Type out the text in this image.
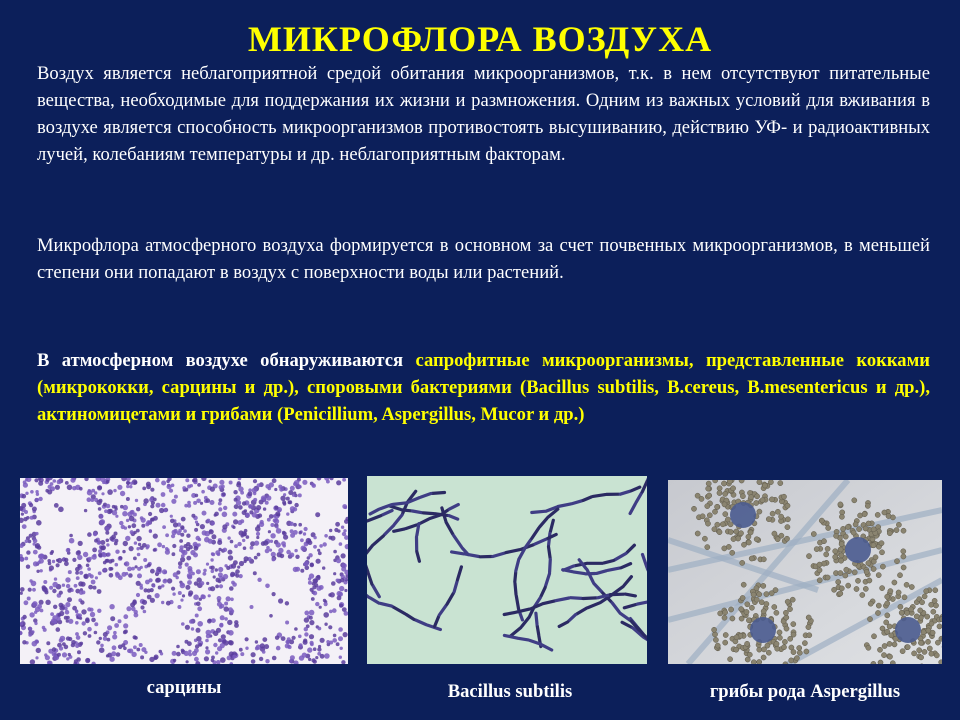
МИКРОФЛОРА ВОЗДУХА
Воздух является неблагоприятной средой обитания микроорганизмов, т.к. в нем отсутствуют питательные вещества, необходимые для поддержания их жизни и размножения. Одним из важных условий для вживания в воздухе является способность микроорганизмов противостоять высушиванию, действию УФ- и радиоактивных лучей, колебаниям температуры и др. неблагоприятным факторам.
Микрофлора атмосферного воздуха формируется в основном за счет почвенных микроорганизмов, в меньшей степени они попадают в воздух с поверхности воды или растений.
В атмосферном воздухе обнаруживаются сапрофитные микроорганизмы, представленные кокками (микрококки, сарцины и др.), споровыми бактериями (Bacillus subtilis, B.cereus, B.mesentericus и др.), актиномицетами и грибами (Penicillium, Aspergillus, Mucor и др.)
сарцины	Bacillus subtilis	грибы рода Aspergillus
